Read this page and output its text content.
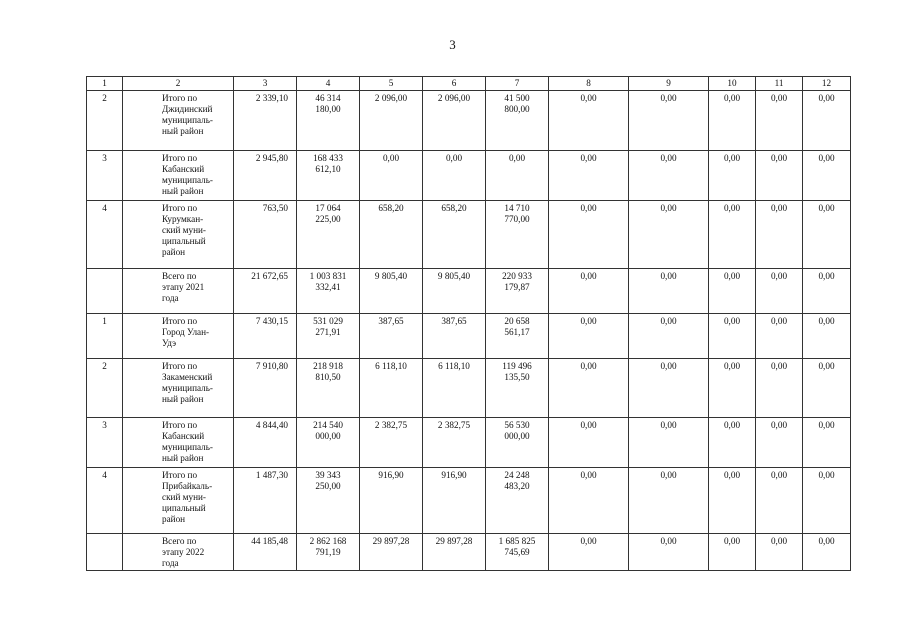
3
1	2	3	4	5	6	7	8	9	10	11	12
2	Итого по
Джидинский
муниципаль-
ный район	2 339,10	46 314
180,00	2 096,00	2 096,00	41 500
800,00	0,00	0,00	0,00	0,00	0,00
3	Итого по
Кабанский
муниципаль-
ный район	2 945,80	168 433
612,10	0,00	0,00	0,00	0,00	0,00	0,00	0,00	0,00
4	Итого по
Курумкан-
ский муни-
ципальный
район	763,50	17 064
225,00	658,20	658,20	14 710
770,00	0,00	0,00	0,00	0,00	0,00
	Всего по
этапу 2021
года	21 672,65	1 003 831
332,41	9 805,40	9 805,40	220 933
179,87	0,00	0,00	0,00	0,00	0,00
1	Итого по
Город Улан-
Удэ	7 430,15	531 029
271,91	387,65	387,65	20 658
561,17	0,00	0,00	0,00	0,00	0,00
2	Итого по
Закаменский
муниципаль-
ный район	7 910,80	218 918
810,50	6 118,10	6 118,10	119 496
135,50	0,00	0,00	0,00	0,00	0,00
3	Итого по
Кабанский
муниципаль-
ный район	4 844,40	214 540
000,00	2 382,75	2 382,75	56 530
000,00	0,00	0,00	0,00	0,00	0,00
4	Итого по
Прибайкаль-
ский муни-
ципальный
район	1 487,30	39 343
250,00	916,90	916,90	24 248
483,20	0,00	0,00	0,00	0,00	0,00
	Всего по
этапу 2022
года	44 185,48	2 862 168
791,19	29 897,28	29 897,28	1 685 825
745,69	0,00	0,00	0,00	0,00	0,00
